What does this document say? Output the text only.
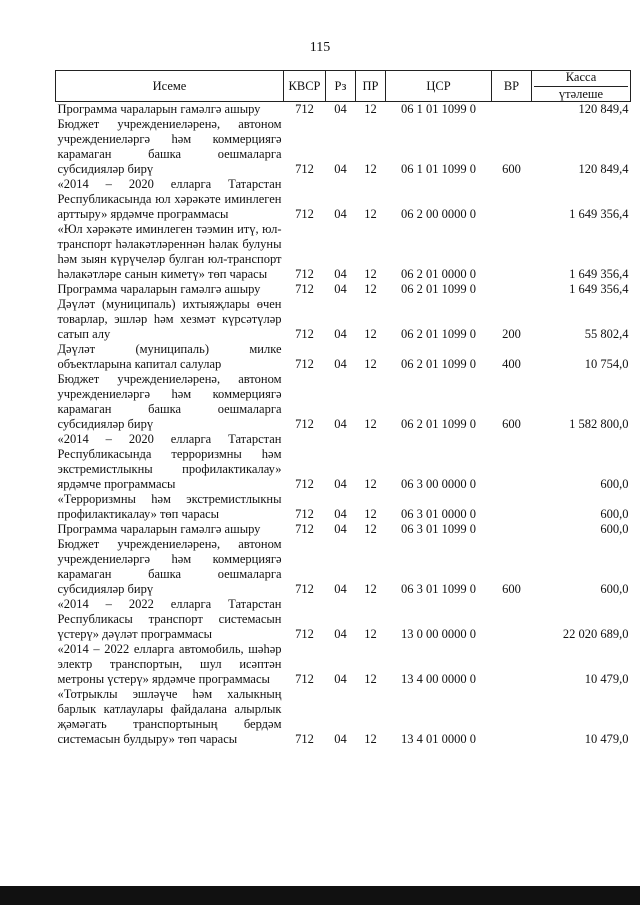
115
Исеме	КВСР	Рз	ПР	ЦСР	ВР	Касса
үтәлеше

Программа чараларын гамәлгә ашыру	712	04	12	06 1 01 1099 0		120 849,4
Бюджет учреждениеләренә, автоном учреждениеләргә һәм коммерциягә карамаган башка оешмаларга субсидияләр бирү	712	04	12	06 1 01 1099 0	600	120 849,4
«2014 – 2020 елларга Татарстан Республикасында юл хәрәкәте иминлеген арттыру» ярдәмче программасы	712	04	12	06 2 00 0000 0		1 649 356,4
«Юл хәрәкәте иминлеген тәэмин итү, юл-транспорт һәлакәтләреннән һәлак булуны һәм зыян күрүчеләр булган юл-транспорт һәлакәтләре санын киметү» төп чарасы	712	04	12	06 2 01 0000 0		1 649 356,4
Программа чараларын гамәлгә ашыру	712	04	12	06 2 01 1099 0		1 649 356,4
Дәүләт (муниципаль) ихтыяҗлары өчен товарлар, эшләр һәм хезмәт күрсәтүләр сатып алу	712	04	12	06 2 01 1099 0	200	55 802,4
Дәүләт (муниципаль) милке объектларына капитал салулар	712	04	12	06 2 01 1099 0	400	10 754,0
Бюджет учреждениеләренә, автоном учреждениеләргә һәм коммерциягә карамаган башка оешмаларга субсидияләр бирү	712	04	12	06 2 01 1099 0	600	1 582 800,0
«2014 – 2020 елларга Татарстан Республикасында терроризмны һәм экстремистлыкны профилактикалау» ярдәмче программасы	712	04	12	06 3 00 0000 0		600,0
«Терроризмны һәм экстремистлыкны профилактикалау» төп чарасы	712	04	12	06 3 01 0000 0		600,0
Программа чараларын гамәлгә ашыру	712	04	12	06 3 01 1099 0		600,0
Бюджет учреждениеләренә, автоном учреждениеләргә һәм коммерциягә карамаган башка оешмаларга субсидияләр бирү	712	04	12	06 3 01 1099 0	600	600,0
«2014 – 2022 елларга Татарстан Республикасы транспорт системасын үстерү» дәүләт программасы	712	04	12	13 0 00 0000 0		22 020 689,0
«2014 – 2022 елларга автомобиль, шәһәр электр транспортын, шул исәптән метроны үстерү» ярдәмче программасы	712	04	12	13 4 00 0000 0		10 479,0
«Тотрыклы эшләүче һәм халыкның барлык катлаулары файдалана алырлык җәмәгать транспортының бердәм системасын булдыру» төп чарасы	712	04	12	13 4 01 0000 0		10 479,0
